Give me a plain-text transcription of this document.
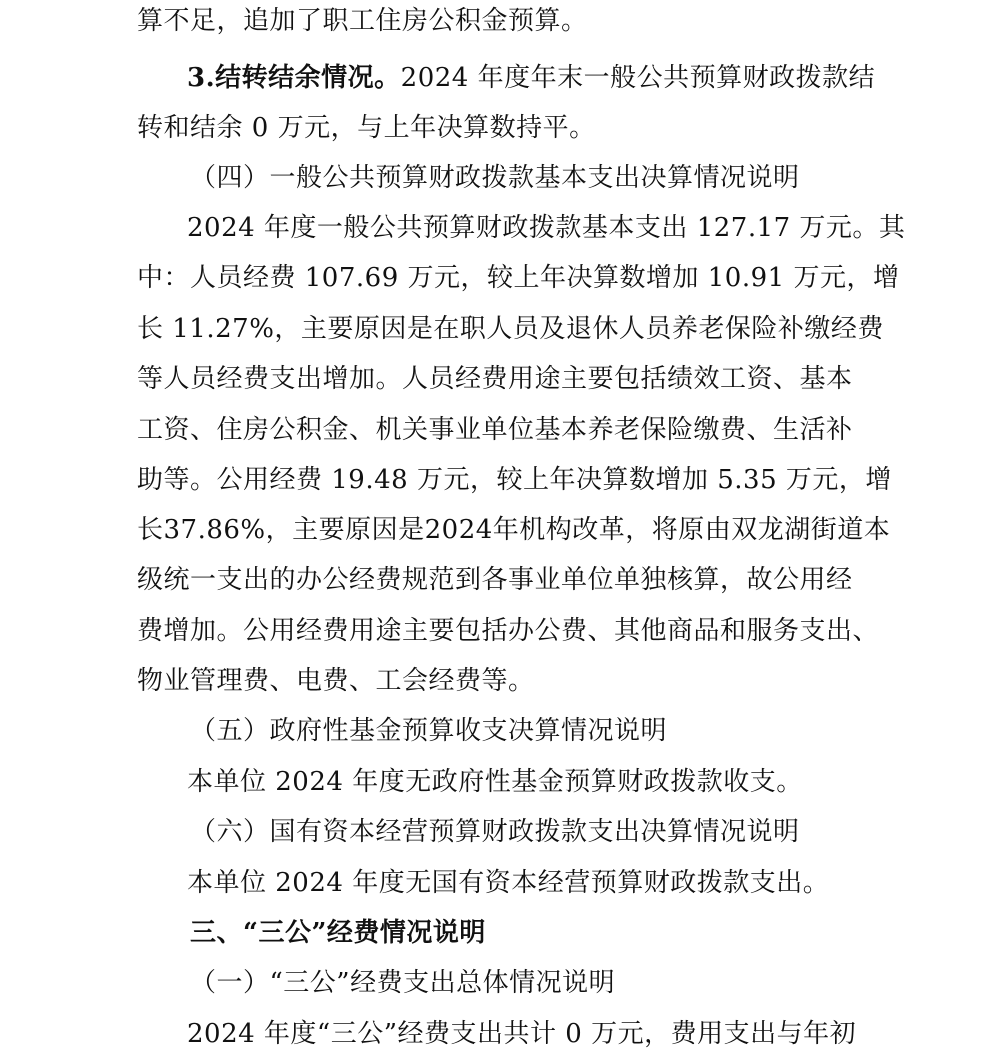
算不足，追加了职工住房公积金预算。
3.结转结余情况。2024 年度年末一般公共预算财政拨款结
转和结余 0 万元，与上年决算数持平。
（四）一般公共预算财政拨款基本支出决算情况说明
2024 年度一般公共预算财政拨款基本支出 127.17 万元。其
中：人员经费 107.69 万元，较上年决算数增加 10.91 万元，增
长 11.27%，主要原因是在职人员及退休人员养老保险补缴经费
等人员经费支出增加。人员经费用途主要包括绩效工资、基本
工资、住房公积金、机关事业单位基本养老保险缴费、生活补
助等。公用经费 19.48 万元，较上年决算数增加 5.35 万元，增
长37.86%，主要原因是2024年机构改革，将原由双龙湖街道本
级统一支出的办公经费规范到各事业单位单独核算，故公用经
费增加。公用经费用途主要包括办公费、其他商品和服务支出、
物业管理费、电费、工会经费等。
（五）政府性基金预算收支决算情况说明
本单位 2024 年度无政府性基金预算财政拨款收支。
（六）国有资本经营预算财政拨款支出决算情况说明
本单位 2024 年度无国有资本经营预算财政拨款支出。
三、“三公”经费情况说明
（一）“三公”经费支出总体情况说明
2024 年度“三公”经费支出共计 0 万元，费用支出与年初
